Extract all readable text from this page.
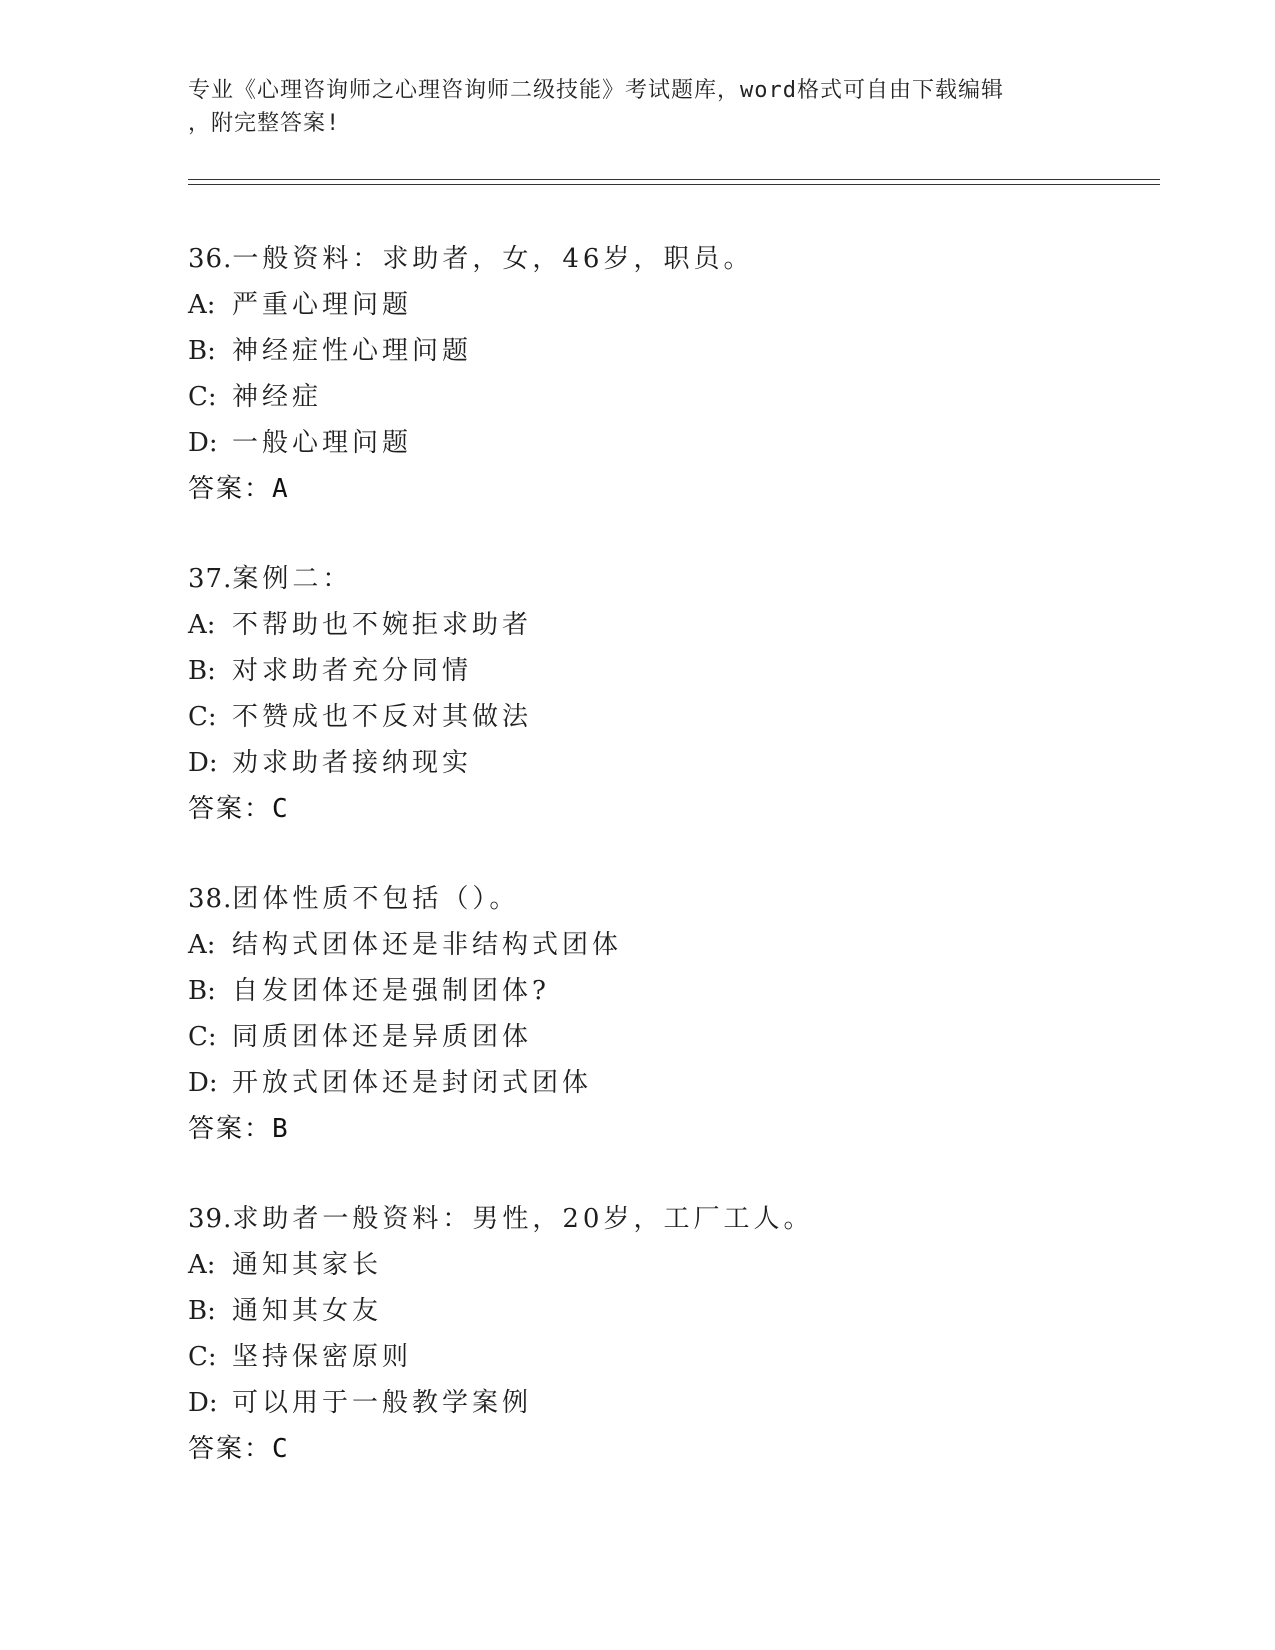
专业《心理咨询师之心理咨询师二级技能》考试题库，word格式可自由下载编辑
，附完整答案!
36.一般资料：求助者，女，46岁，职员。
A: 严重心理问题
B: 神经症性心理问题
C: 神经症
D: 一般心理问题
答案：A
37.案例二：
A: 不帮助也不婉拒求助者
B: 对求助者充分同情
C: 不赞成也不反对其做法
D: 劝求助者接纳现实
答案：C
38.团体性质不包括（）。
A: 结构式团体还是非结构式团体
B: 自发团体还是强制团体?
C: 同质团体还是异质团体
D: 开放式团体还是封闭式团体
答案：B
39.求助者一般资料：男性，20岁，工厂工人。
A: 通知其家长
B: 通知其女友
C: 坚持保密原则
D: 可以用于一般教学案例
答案：C
